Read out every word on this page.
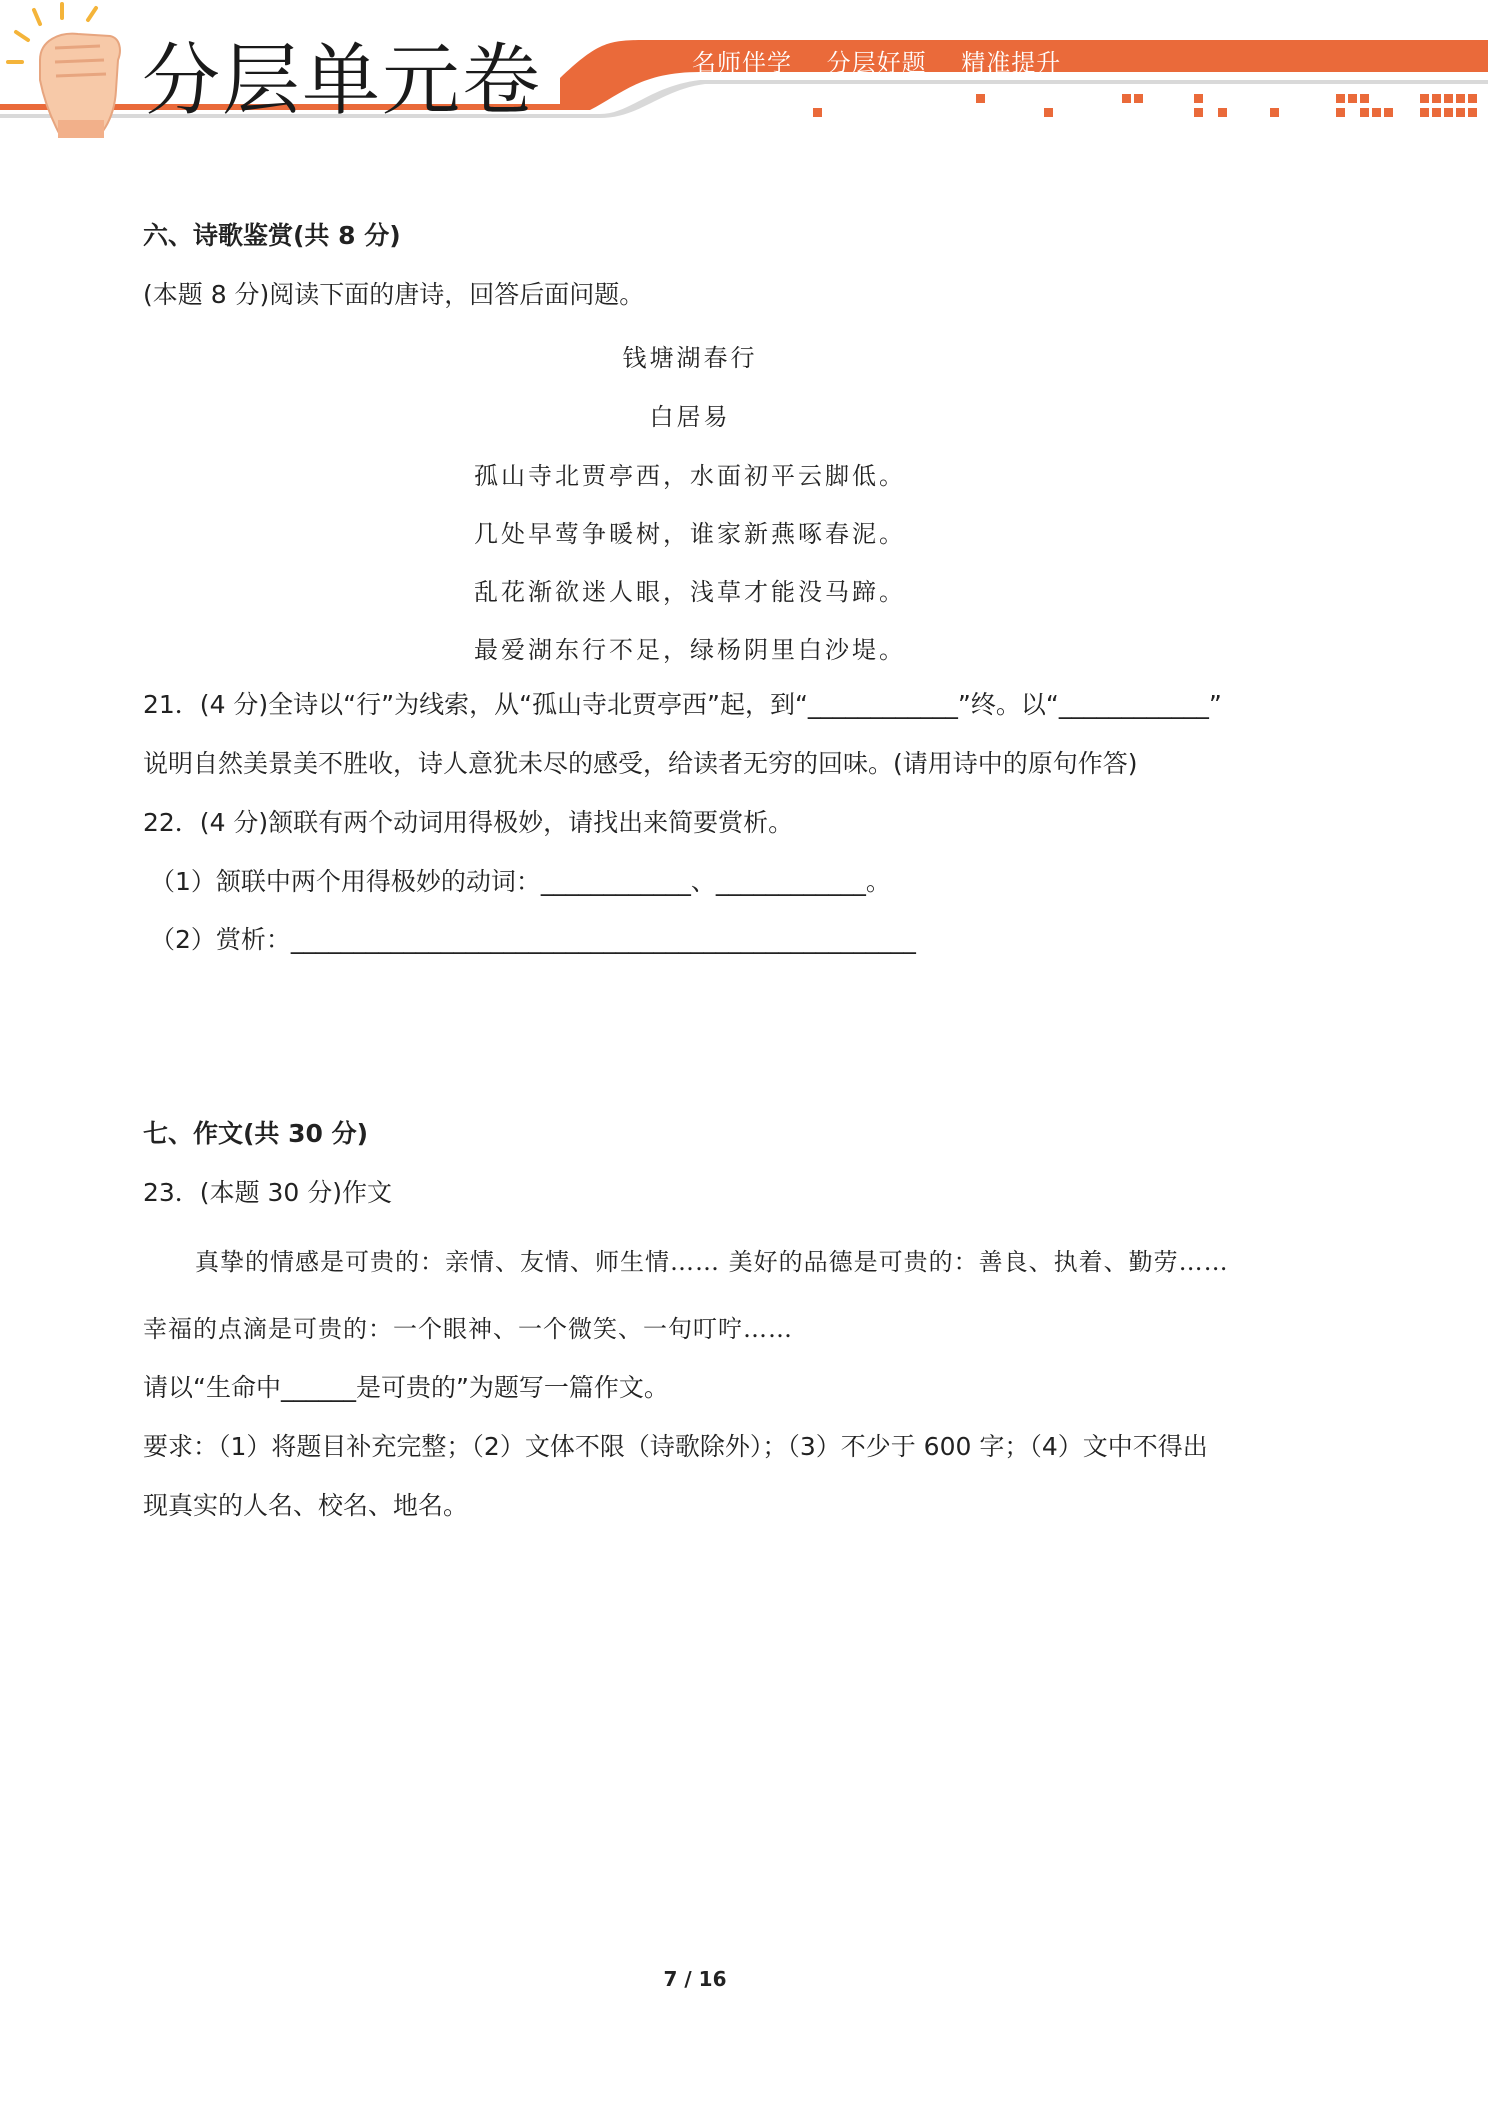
分层单元卷	名师伴学 分层好题 精准提升
六、诗歌鉴赏(共 8 分)
(本题 8 分)阅读下面的唐诗，回答后面问题。
钱塘湖春行
白居易
孤山寺北贾亭西，水面初平云脚低。
几处早莺争暖树，谁家新燕啄春泥。
乱花渐欲迷人眼，浅草才能没马蹄。
最爱湖东行不足，绿杨阴里白沙堤。
21．(4 分)全诗以“行”为线索，从“孤山寺北贾亭西”起，到“____________”终。以“____________”
说明自然美景美不胜收，诗人意犹未尽的感受，给读者无穷的回味。(请用诗中的原句作答)
22．(4 分)颔联有两个动词用得极妙，请找出来简要赏析。
（1）颔联中两个用得极妙的动词：____________、____________。
（2）赏析：__________________________________________________
七、作文(共 30 分)
23．(本题 30 分)作文
真挚的情感是可贵的：亲情、友情、师生情…… 美好的品德是可贵的：善良、执着、勤劳……
幸福的点滴是可贵的：一个眼神、一个微笑、一句叮咛……
请以“生命中______是可贵的”为题写一篇作文。
要求：（1）将题目补充完整；（2）文体不限（诗歌除外）；（3）不少于 600 字；（4）文中不得出
现真实的人名、校名、地名。
7 / 16
